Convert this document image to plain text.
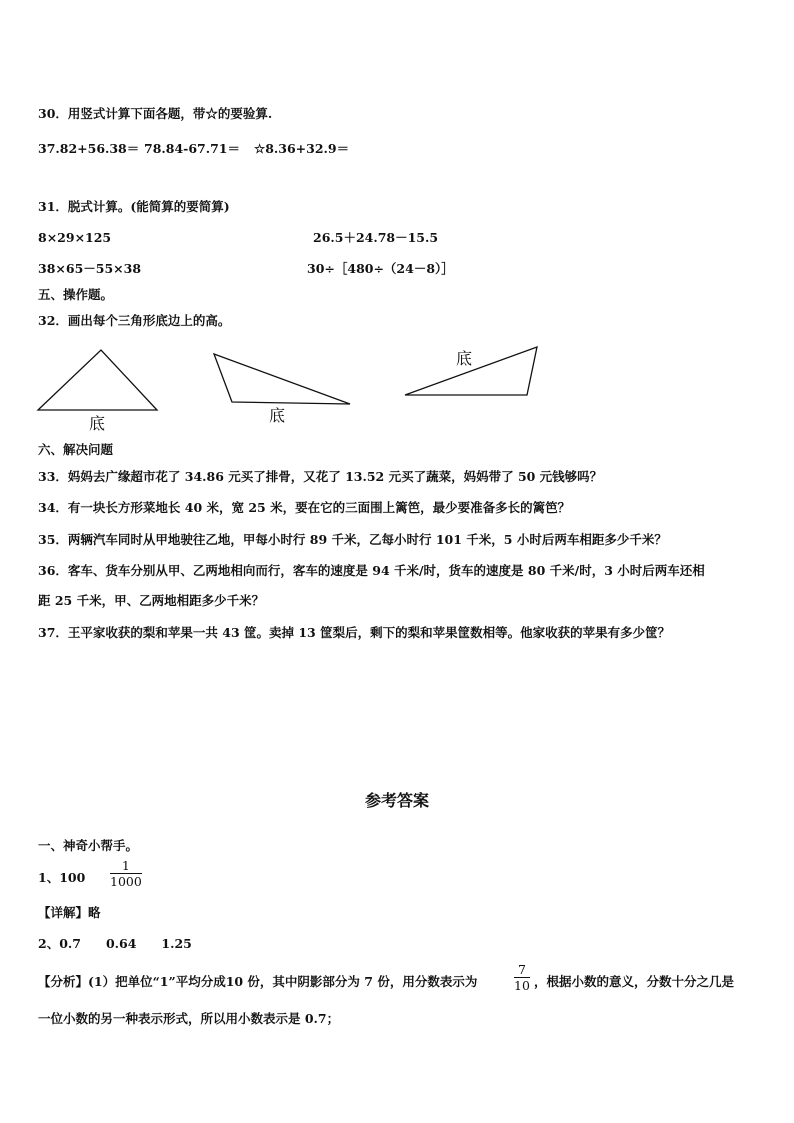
30．用竖式计算下面各题，带☆的要验算.
37.82+56.38＝ 78.84-67.71＝ ☆8.36+32.9＝
31．脱式计算。(能简算的要简算)
8×29×125	26.5＋24.78－15.5
38×65－55×38	30÷［480÷（24－8）］
五、操作题。
32．画出每个三角形底边上的高。
底	底
底
六、解决问题
33．妈妈去广缘超市花了 34.86 元买了排骨，又花了 13.52 元买了蔬菜，妈妈带了 50 元钱够吗？
34．有一块长方形菜地长 40 米，宽 25 米，要在它的三面围上篱笆，最少要准备多长的篱笆？
35．两辆汽车同时从甲地驶往乙地，甲每小时行 89 千米，乙每小时行 101 千米，5 小时后两车相距多少千米？
36．客车、货车分别从甲、乙两地相向而行，客车的速度是 94 千米/时，货车的速度是 80 千米/时，3 小时后两车还相
距 25 千米，甲、乙两地相距多少千米？
37．王平家收获的梨和苹果一共 43 筐。卖掉 13 筐梨后，剩下的梨和苹果筐数相等。他家收获的苹果有多少筐？
参考答案
一、神奇小帮手。
1、100
1
1000
【详解】略
2、0.7　　0.64　　1.25
【分析】(1）把单位“1”平均分成10 份，其中阴影部分为 7 份，用分数表示为
7
10 ，根据小数的意义，分数十分之几是
一位小数的另一种表示形式，所以用小数表示是 0.7；
